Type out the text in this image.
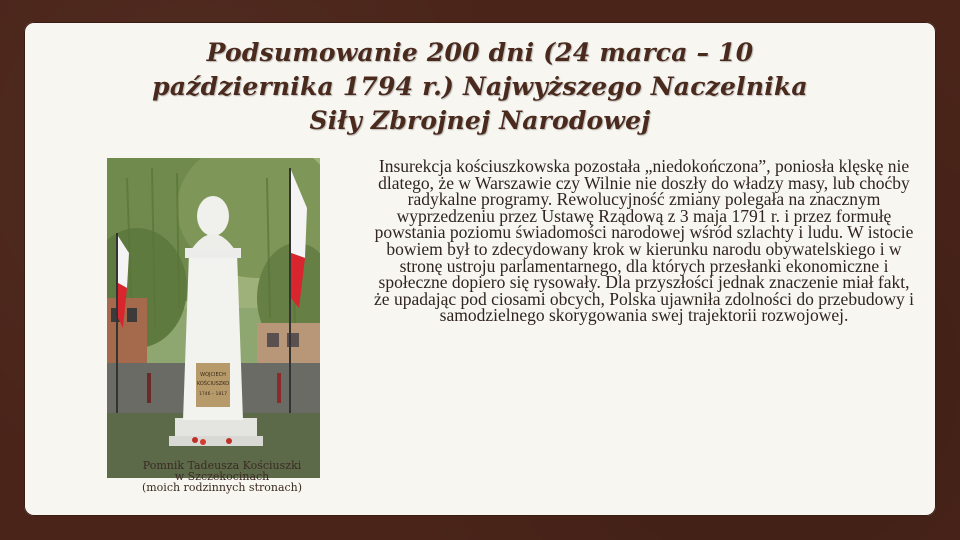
Podsumowanie 200 dni (24 marca – 10 października 1794 r.) Najwyższego Naczelnika Siły Zbrojnej Narodowej
WOJCIECH
KOŚCIUSZKO
1746 – 1817
Pomnik Tadeusza Kościuszki
w Szczekocinach
(moich rodzinnych stronach)

Insurekcja kościuszkowska pozostała „niedokończona”, poniosła klęskę nie dlatego, że w Warszawie czy Wilnie nie doszły do władzy masy, lub choćby radykalne programy. Rewolucyjność zmiany polegała na znacznym wyprzedzeniu przez Ustawę Rządową z 3 maja 1791 r. i przez formułę powstania poziomu świadomości narodowej wśród szlachty i ludu. W istocie bowiem był to zdecydowany krok w kierunku narodu obywatelskiego i w stronę ustroju parlamentarnego, dla których przesłanki ekonomiczne i społeczne dopiero się rysowały. Dla przyszłości jednak znaczenie miał fakt, że upadając pod ciosami obcych, Polska ujawniła zdolności do przebudowy i samodzielnego skorygowania swej trajektorii rozwojowej.
